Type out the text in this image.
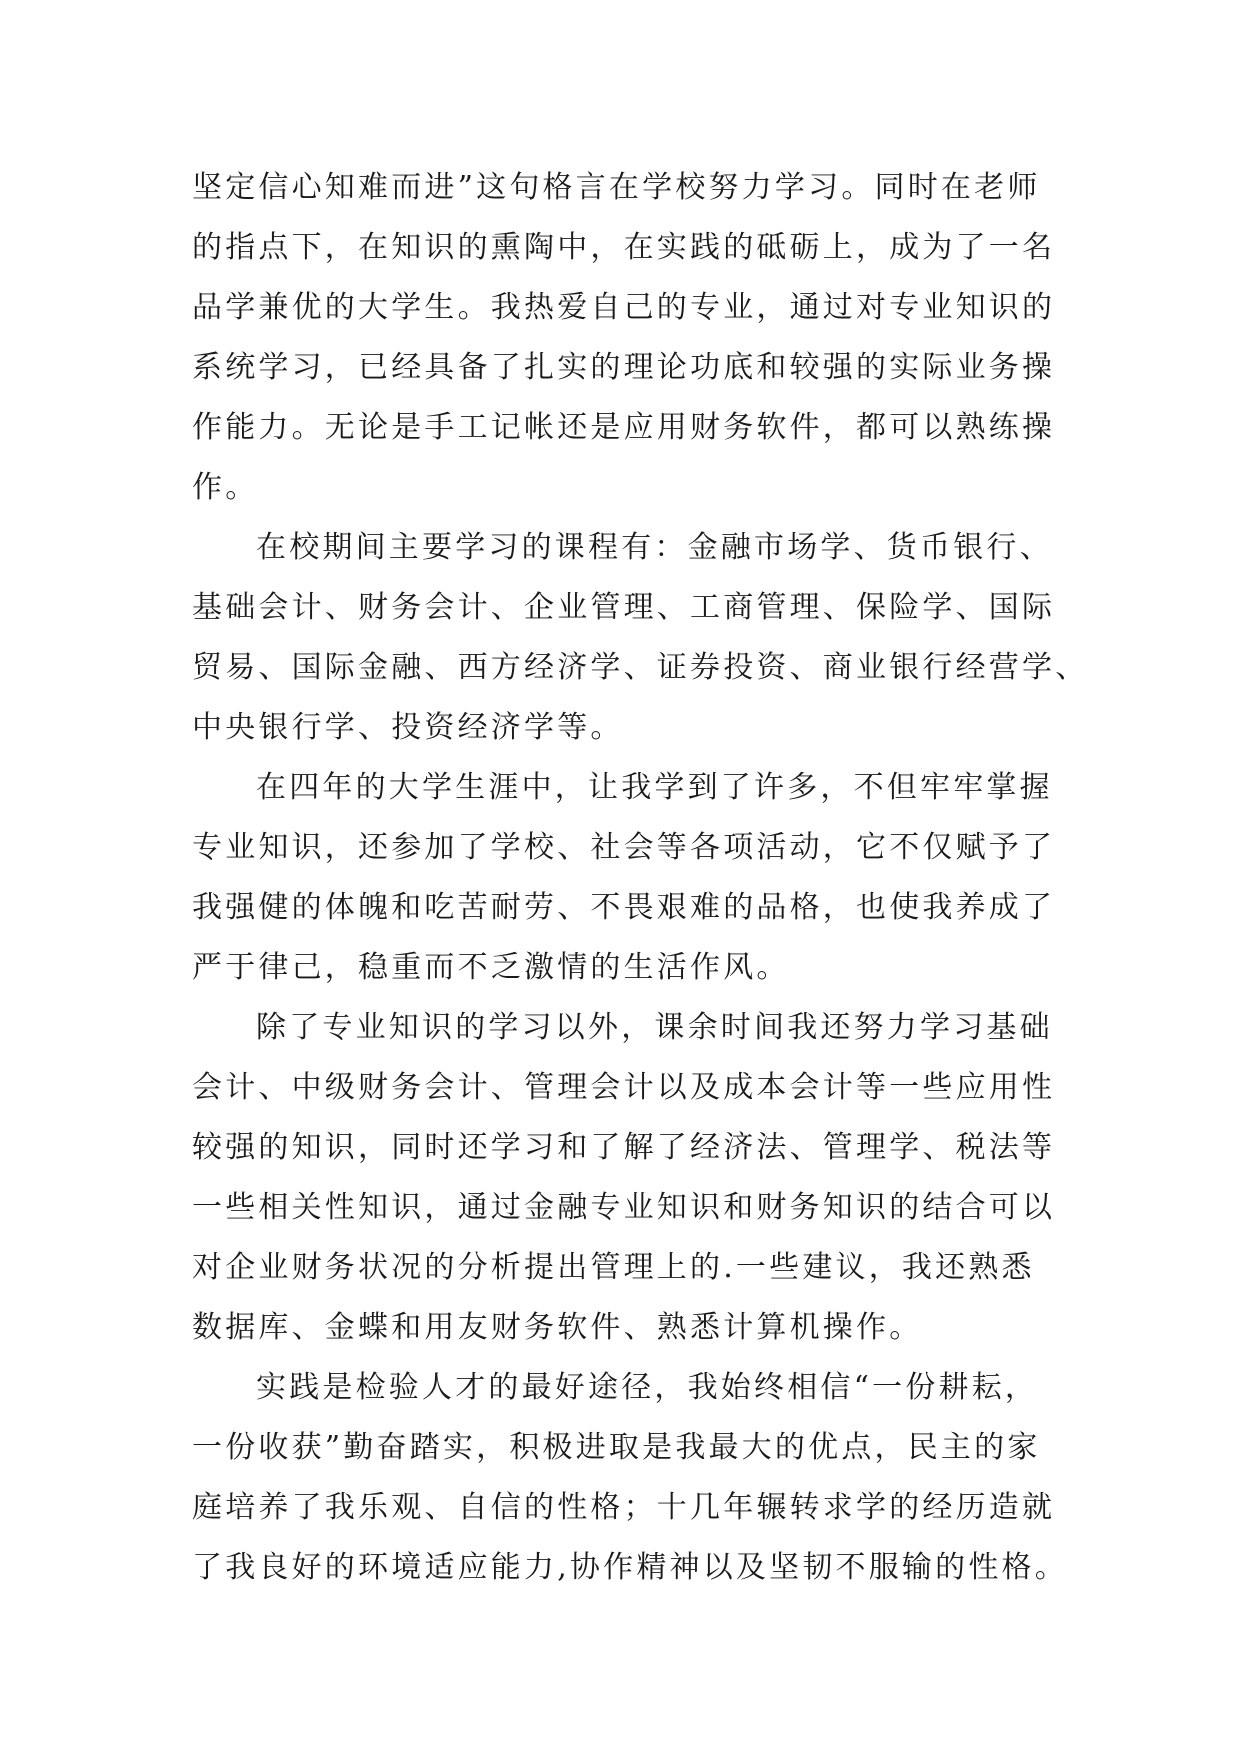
坚定信心知难而进”这句格言在学校努力学习。同时在老师
的指点下，在知识的熏陶中，在实践的砥砺上，成为了一名
品学兼优的大学生。我热爱自己的专业，通过对专业知识的
系统学习，已经具备了扎实的理论功底和较强的实际业务操
作能力。无论是手工记帐还是应用财务软件，都可以熟练操
作。
在校期间主要学习的课程有：金融市场学、货币银行、
基础会计、财务会计、企业管理、工商管理、保险学、国际
贸易、国际金融、西方经济学、证券投资、商业银行经营学、
中央银行学、投资经济学等。
在四年的大学生涯中，让我学到了许多，不但牢牢掌握
专业知识，还参加了学校、社会等各项活动，它不仅赋予了
我强健的体魄和吃苦耐劳、不畏艰难的品格，也使我养成了
严于律己，稳重而不乏激情的生活作风。
除了专业知识的学习以外，课余时间我还努力学习基础
会计、中级财务会计、管理会计以及成本会计等一些应用性
较强的知识，同时还学习和了解了经济法、管理学、税法等
一些相关性知识，通过金融专业知识和财务知识的结合可以
对企业财务状况的分析提出管理上的.一些建议，我还熟悉
数据库、金蝶和用友财务软件、熟悉计算机操作。
实践是检验人才的最好途径，我始终相信“一份耕耘，
一份收获”勤奋踏实，积极进取是我最大的优点，民主的家
庭培养了我乐观、自信的性格；十几年辗转求学的经历造就
了我良好的环境适应能力,协作精神以及坚韧不服输的性格。
